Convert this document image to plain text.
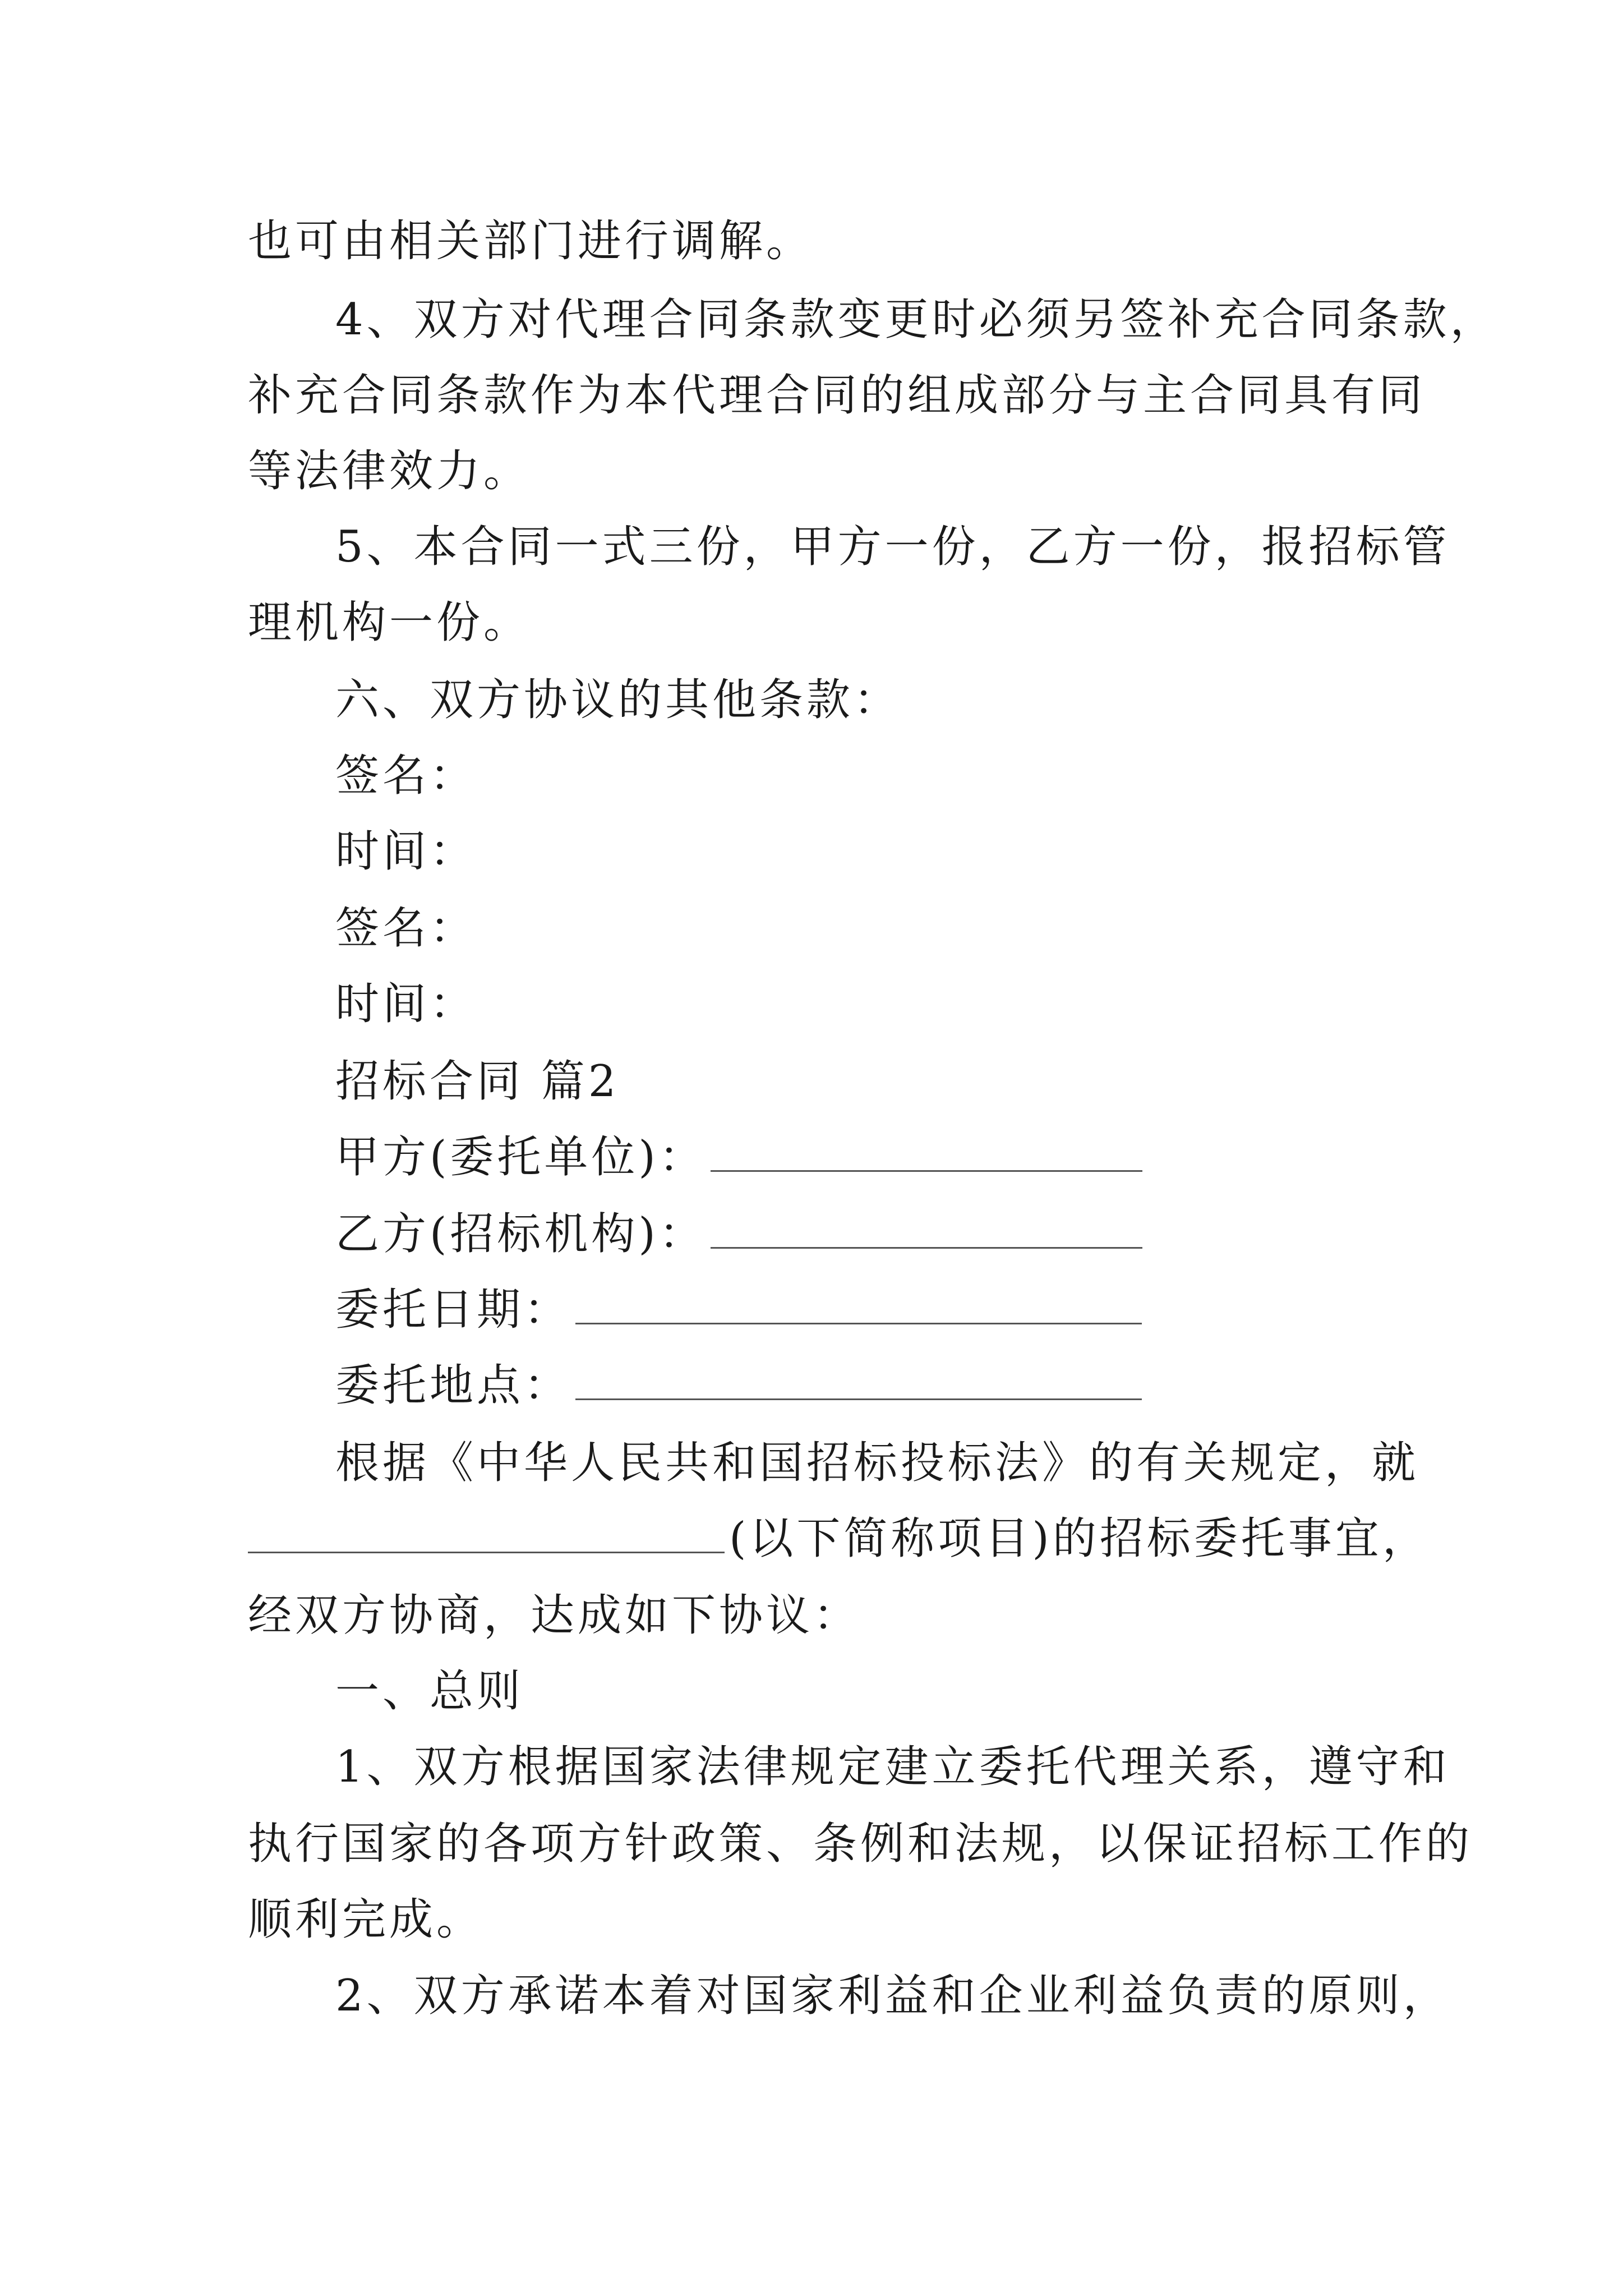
也可由相关部门进行调解。
4、双方对代理合同条款变更时必须另签补充合同条款，
补充合同条款作为本代理合同的组成部分与主合同具有同
等法律效力。
5、本合同一式三份，甲方一份，乙方一份，报招标管
理机构一份。
六、双方协议的其他条款：
签名：
时间：
签名：
时间：
招标合同 篇2
甲方(委托单位)：
乙方(招标机构)：
委托日期：
委托地点：
根据《中华人民共和国招标投标法》的有关规定，就
(以下简称项目)的招标委托事宜，
经双方协商，达成如下协议：
一、总则
1、双方根据国家法律规定建立委托代理关系，遵守和
执行国家的各项方针政策、条例和法规，以保证招标工作的
顺利完成。
2、双方承诺本着对国家利益和企业利益负责的原则，
